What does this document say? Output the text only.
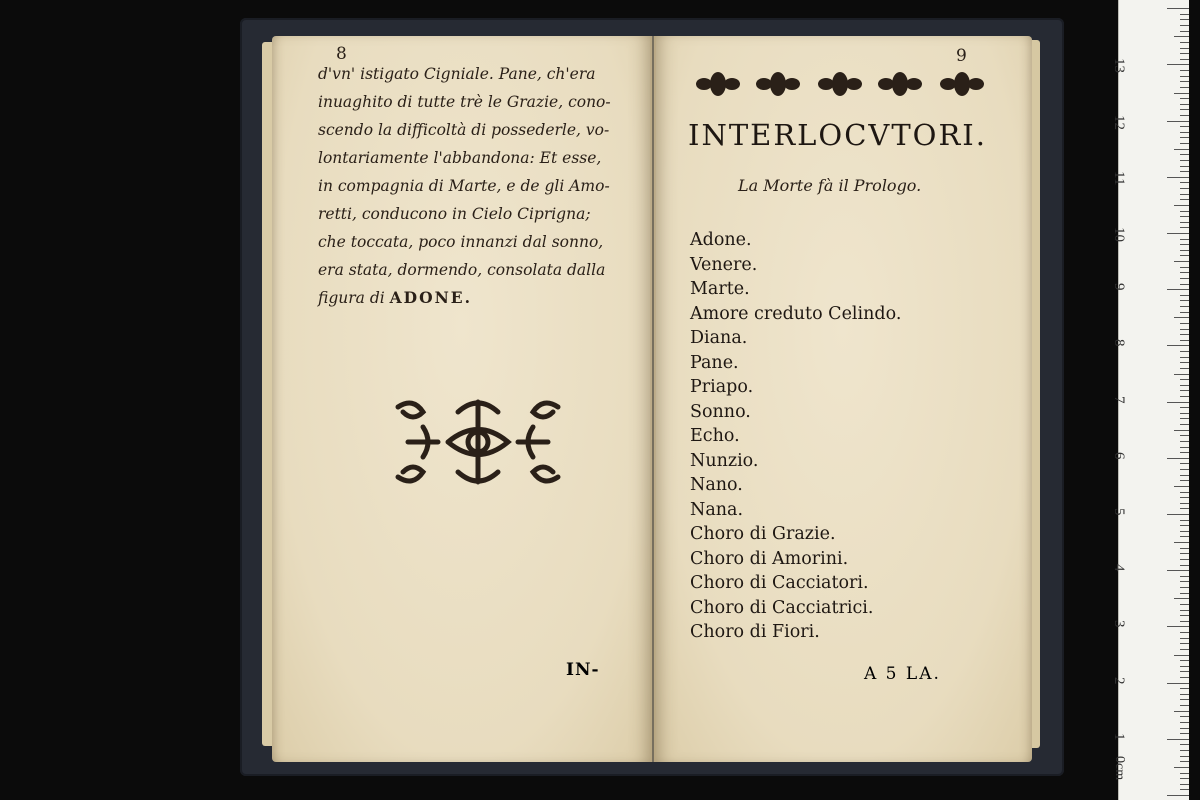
8
d'vn' istigato Cigniale. Pane, ch'era
inuaghito di tutte trè le Grazie, cono-
scendo la difficoltà di possederle, vo-
lontariamente l'abbandona: Et esse,
in compagnia di Marte, e de gli Amo-
retti, conducono in Cielo Ciprigna;
che toccata, poco innanzi dal sonno,
era stata, dormendo, consolata dalla
figura di ADONE.
IN-
9
INTERLOCVTORI.
La Morte fà il Prologo.
Adone.
Venere.
Marte.
Amore creduto Celindo.
Diana.
Pane.
Priapo.
Sonno.
Echo.
Nunzio.
Nano.
Nana.
Choro di Grazie.
Choro di Amorini.
Choro di Cacciatori.
Choro di Cacciatrici.
Choro di Fiori.
A 5 LA.
0cm
1
2
3
4
5
6
7
8
9
10
11
12
13
